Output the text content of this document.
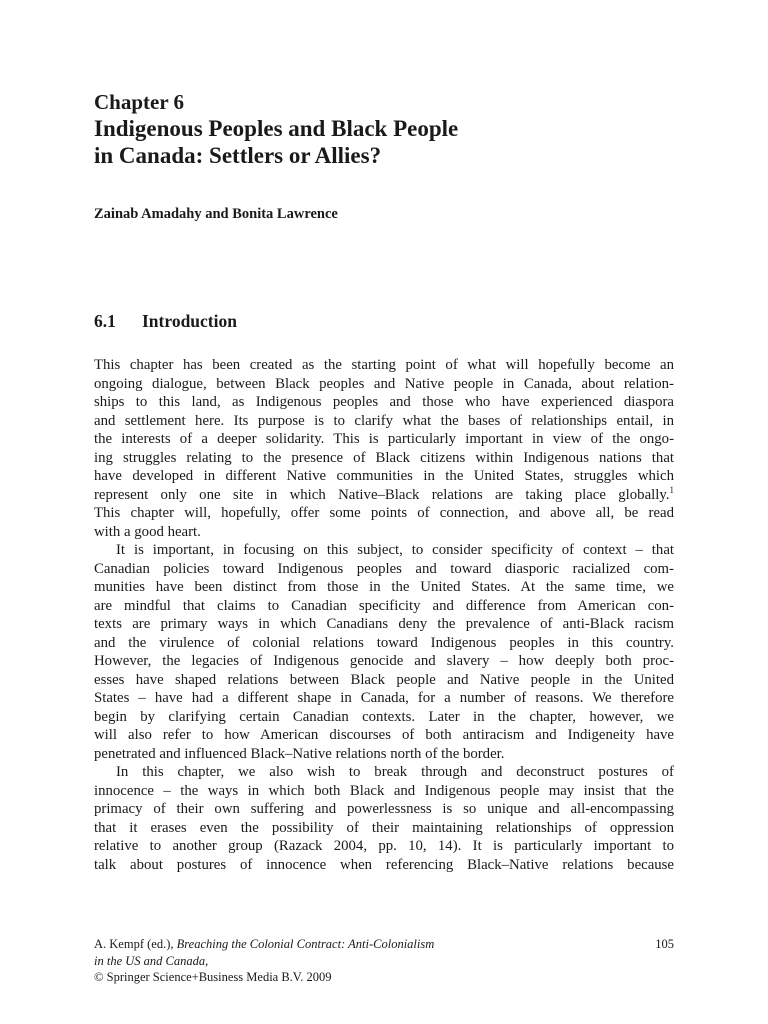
Chapter 6
Indigenous Peoples and Black People
in Canada: Settlers or Allies?
Zainab Amadahy and Bonita Lawrence
6.1 Introduction
This chapter has been created as the starting point of what will hopefully become an
ongoing dialogue, between Black peoples and Native people in Canada, about relation-
ships to this land, as Indigenous peoples and those who have experienced diaspora
and settlement here. Its purpose is to clarify what the bases of relationships entail, in
the interests of a deeper solidarity. This is particularly important in view of the ongo-
ing struggles relating to the presence of Black citizens within Indigenous nations that
have developed in different Native communities in the United States, struggles which
represent only one site in which Native–Black relations are taking place globally.$^1$
This chapter will, hopefully, offer some points of connection, and above all, be read
with a good heart.
It is important, in focusing on this subject, to consider specificity of context – that
Canadian policies toward Indigenous peoples and toward diasporic racialized com-
munities have been distinct from those in the United States. At the same time, we
are mindful that claims to Canadian specificity and difference from American con-
texts are primary ways in which Canadians deny the prevalence of anti-Black racism
and the virulence of colonial relations toward Indigenous peoples in this country.
However, the legacies of Indigenous genocide and slavery – how deeply both proc-
esses have shaped relations between Black people and Native people in the United
States – have had a different shape in Canada, for a number of reasons. We therefore
begin by clarifying certain Canadian contexts. Later in the chapter, however, we
will also refer to how American discourses of both antiracism and Indigeneity have
penetrated and influenced Black–Native relations north of the border.
In this chapter, we also wish to break through and deconstruct postures of
innocence – the ways in which both Black and Indigenous people may insist that the
primacy of their own suffering and powerlessness is so unique and all-encompassing
that it erases even the possibility of their maintaining relationships of oppression
relative to another group (Razack 2004, pp. 10, 14). It is particularly important to
talk about postures of innocence when referencing Black–Native relations because
A. Kempf (ed.), Breaching the Colonial Contract: Anti-Colonialism
in the US and Canada,
© Springer Science+Business Media B.V. 2009
105
